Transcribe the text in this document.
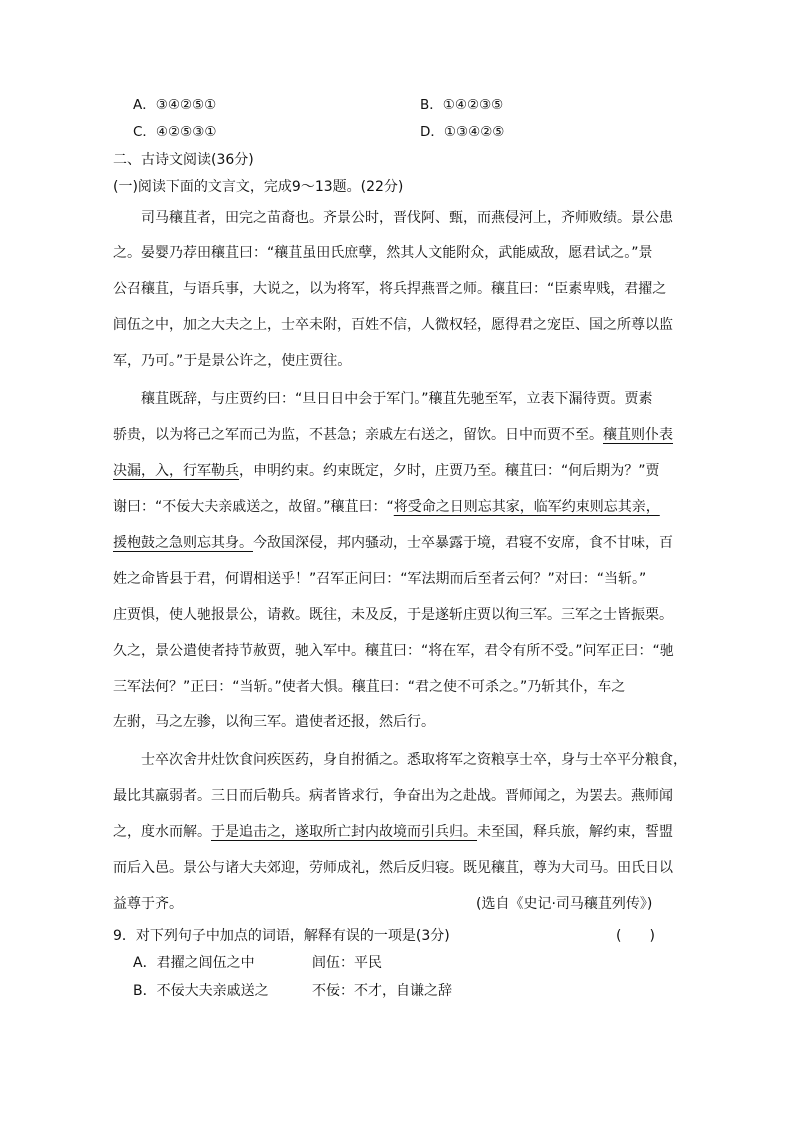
A．③④②⑤①	B．①④②③⑤
C．④②⑤③①	D．①③④②⑤
二、古诗文阅读(36分)
(一)阅读下面的文言文，完成9～13题。(22分)
司马穰苴者，田完之苗裔也。齐景公时，晋伐阿、甄，而燕侵河上，齐师败绩。景公患
之。晏婴乃荐田穰苴曰：“穰苴虽田氏庶孽，然其人文能附众，武能威敌，愿君试之。”景
公召穰苴，与语兵事，大说之，以为将军，将兵捍燕晋之师。穰苴曰：“臣素卑贱，君擢之
闾伍之中，加之大夫之上，士卒未附，百姓不信，人微权轻，愿得君之宠臣、国之所尊以监
军，乃可。”于是景公许之，使庄贾往。
穰苴既辞，与庄贾约曰：“旦日日中会于军门。”穰苴先驰至军，立表下漏待贾。贾素
骄贵，以为将己之军而己为监，不甚急；亲戚左右送之，留饮。日中而贾不至。穰苴则仆表
决漏，入，行军勒兵，申明约束。约束既定，夕时，庄贾乃至。穰苴曰：“何后期为？”贾
谢曰：“不佞大夫亲戚送之，故留。”穰苴曰：“将受命之日则忘其家，临军约束则忘其亲，
援枹鼓之急则忘其身。今敌国深侵，邦内骚动，士卒暴露于境，君寝不安席，食不甘味，百
姓之命皆县于君，何谓相送乎！”召军正问曰：“军法期而后至者云何？”对曰：“当斩。”
庄贾惧，使人驰报景公，请救。既往，未及反，于是遂斩庄贾以徇三军。三军之士皆振栗。
久之，景公遣使者持节赦贾，驰入军中。穰苴曰：“将在军，君令有所不受。”问军正曰：“驰
三军法何？”正曰：“当斩。”使者大惧。穰苴曰：“君之使不可杀之。”乃斩其仆，车之
左驸，马之左骖，以徇三军。遣使者还报，然后行。
士卒次舍井灶饮食问疾医药，身自拊循之。悉取将军之资粮享士卒，身与士卒平分粮食，
最比其羸弱者。三日而后勒兵。病者皆求行，争奋出为之赴战。晋师闻之，为罢去。燕师闻
之，度水而解。于是追击之，遂取所亡封内故境而引兵归。未至国，释兵旅，解约束，誓盟
而后入邑。景公与诸大夫郊迎，劳师成礼，然后反归寝。既见穰苴，尊为大司马。田氏日以
益尊于齐。	(选自《史记·司马穰苴列传》)
9．对下列句子中加点的词语，解释有误的一项是(3分)	(　　)
A．君擢之闾伍之中	闾伍：平民
B．不佞大夫亲戚送之	不佞：不才，自谦之辞
